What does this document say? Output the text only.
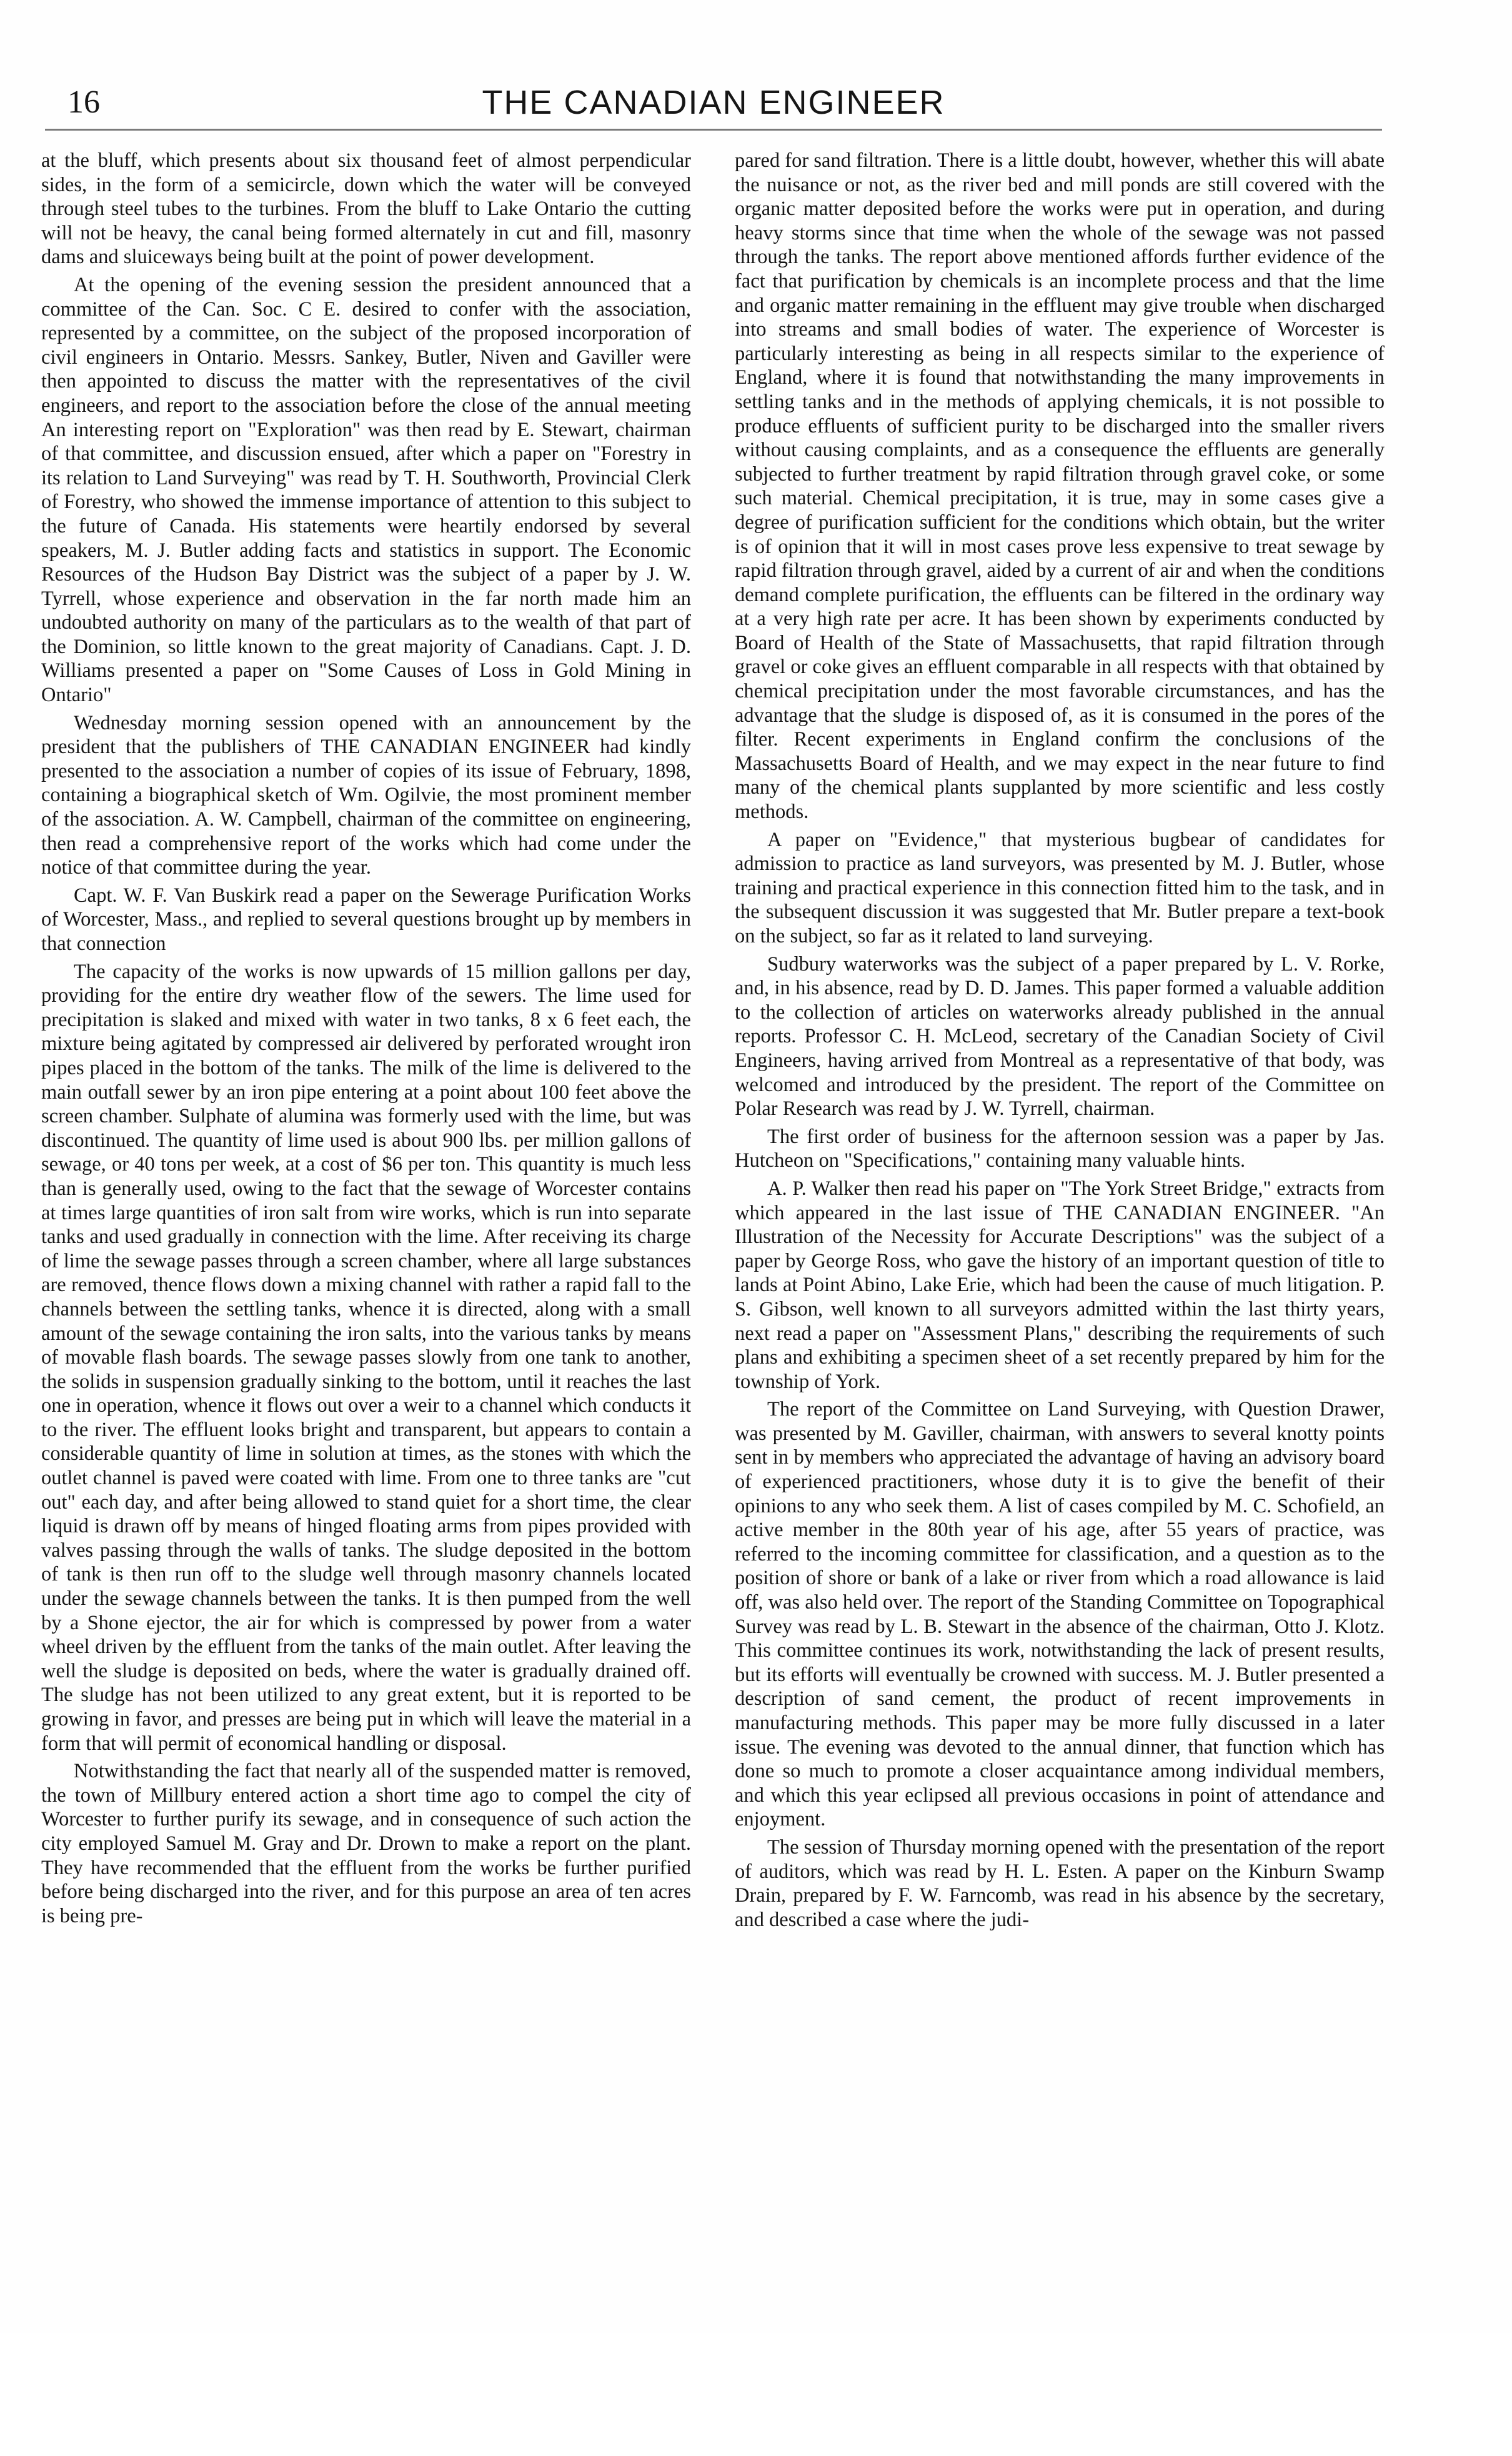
16	THE CANADIAN ENGINEER

at the bluff, which presents about six thousand feet of almost perpendicular sides, in the form of a semicircle, down which the water will be conveyed through steel tubes to the turbines. From the bluff to Lake Ontario the cutting will not be heavy, the canal being formed alternately in cut and fill, masonry dams and sluiceways being built at the point of power development.

At the opening of the evening session the president announced that a committee of the Can. Soc. C E. desired to confer with the association, represented by a committee, on the subject of the proposed incorporation of civil engineers in Ontario. Messrs. Sankey, Butler, Niven and Gaviller were then appointed to discuss the matter with the representatives of the civil engineers, and report to the association before the close of the annual meeting An interesting report on "Exploration" was then read by E. Stewart, chairman of that committee, and discussion ensued, after which a paper on "Forestry in its relation to Land Surveying" was read by T. H. Southworth, Provincial Clerk of Forestry, who showed the immense importance of attention to this subject to the future of Canada. His statements were heartily endorsed by several speakers, M. J. Butler adding facts and statistics in support. The Economic Resources of the Hudson Bay District was the subject of a paper by J. W. Tyrrell, whose experience and observation in the far north made him an undoubted authority on many of the particulars as to the wealth of that part of the Dominion, so little known to the great majority of Canadians. Capt. J. D. Williams presented a paper on "Some Causes of Loss in Gold Mining in Ontario"

Wednesday morning session opened with an announcement by the president that the publishers of THE CANADIAN ENGINEER had kindly presented to the association a number of copies of its issue of February, 1898, containing a biographical sketch of Wm. Ogilvie, the most prominent member of the association. A. W. Campbell, chairman of the committee on engineering, then read a comprehensive report of the works which had come under the notice of that committee during the year.

Capt. W. F. Van Buskirk read a paper on the Sewerage Purification Works of Worcester, Mass., and replied to several questions brought up by members in that connection

The capacity of the works is now upwards of 15 million gallons per day, providing for the entire dry weather flow of the sewers. The lime used for precipitation is slaked and mixed with water in two tanks, 8 x 6 feet each, the mixture being agitated by compressed air delivered by perforated wrought iron pipes placed in the bottom of the tanks. The milk of the lime is delivered to the main outfall sewer by an iron pipe entering at a point about 100 feet above the screen chamber. Sulphate of alumina was formerly used with the lime, but was discontinued. The quantity of lime used is about 900 lbs. per million gallons of sewage, or 40 tons per week, at a cost of $6 per ton. This quantity is much less than is generally used, owing to the fact that the sewage of Worcester contains at times large quantities of iron salt from wire works, which is run into separate tanks and used gradually in connection with the lime. After receiving its charge of lime the sewage passes through a screen chamber, where all large substances are removed, thence flows down a mixing channel with rather a rapid fall to the channels between the settling tanks, whence it is directed, along with a small amount of the sewage containing the iron salts, into the various tanks by means of movable flash boards. The sewage passes slowly from one tank to another, the solids in suspension gradually sinking to the bottom, until it reaches the last one in operation, whence it flows out over a weir to a channel which conducts it to the river. The effluent looks bright and transparent, but appears to contain a considerable quantity of lime in solution at times, as the stones with which the outlet channel is paved were coated with lime. From one to three tanks are "cut out" each day, and after being allowed to stand quiet for a short time, the clear liquid is drawn off by means of hinged floating arms from pipes provided with valves passing through the walls of tanks. The sludge deposited in the bottom of tank is then run off to the sludge well through masonry channels located under the sewage channels between the tanks. It is then pumped from the well by a Shone ejector, the air for which is compressed by power from a water wheel driven by the effluent from the tanks of the main outlet. After leaving the well the sludge is deposited on beds, where the water is gradually drained off. The sludge has not been utilized to any great extent, but it is reported to be growing in favor, and presses are being put in which will leave the material in a form that will permit of economical handling or disposal.

Notwithstanding the fact that nearly all of the suspended matter is removed, the town of Millbury entered action a short time ago to compel the city of Worcester to further purify its sewage, and in consequence of such action the city employed Samuel M. Gray and Dr. Drown to make a report on the plant. They have recommended that the effluent from the works be further purified before being discharged into the river, and for this purpose an area of ten acres is being pre-

pared for sand filtration. There is a little doubt, however, whether this will abate the nuisance or not, as the river bed and mill ponds are still covered with the organic matter deposited before the works were put in operation, and during heavy storms since that time when the whole of the sewage was not passed through the tanks. The report above mentioned affords further evidence of the fact that purification by chemicals is an incomplete process and that the lime and organic matter remaining in the effluent may give trouble when discharged into streams and small bodies of water. The experience of Worcester is particularly interesting as being in all respects similar to the experience of England, where it is found that notwithstanding the many improvements in settling tanks and in the methods of applying chemicals, it is not possible to produce effluents of sufficient purity to be discharged into the smaller rivers without causing complaints, and as a consequence the effluents are generally subjected to further treatment by rapid filtration through gravel coke, or some such material. Chemical precipitation, it is true, may in some cases give a degree of purification sufficient for the conditions which obtain, but the writer is of opinion that it will in most cases prove less expensive to treat sewage by rapid filtration through gravel, aided by a current of air and when the conditions demand complete purification, the effluents can be filtered in the ordinary way at a very high rate per acre. It has been shown by experiments conducted by Board of Health of the State of Massachusetts, that rapid filtration through gravel or coke gives an effluent comparable in all respects with that obtained by chemical precipitation under the most favorable circumstances, and has the advantage that the sludge is disposed of, as it is consumed in the pores of the filter. Recent experiments in England confirm the conclusions of the Massachusetts Board of Health, and we may expect in the near future to find many of the chemical plants supplanted by more scientific and less costly methods.

A paper on "Evidence," that mysterious bugbear of candidates for admission to practice as land surveyors, was presented by M. J. Butler, whose training and practical experience in this connection fitted him to the task, and in the subsequent discussion it was suggested that Mr. Butler prepare a text-book on the subject, so far as it related to land surveying.

Sudbury waterworks was the subject of a paper prepared by L. V. Rorke, and, in his absence, read by D. D. James. This paper formed a valuable addition to the collection of articles on waterworks already published in the annual reports. Professor C. H. McLeod, secretary of the Canadian Society of Civil Engineers, having arrived from Montreal as a representative of that body, was welcomed and introduced by the president. The report of the Committee on Polar Research was read by J. W. Tyrrell, chairman.

The first order of business for the afternoon session was a paper by Jas. Hutcheon on "Specifications," containing many valuable hints.

A. P. Walker then read his paper on "The York Street Bridge," extracts from which appeared in the last issue of THE CANADIAN ENGINEER. "An Illustration of the Necessity for Accurate Descriptions" was the subject of a paper by George Ross, who gave the history of an important question of title to lands at Point Abino, Lake Erie, which had been the cause of much litigation. P. S. Gibson, well known to all surveyors admitted within the last thirty years, next read a paper on "Assessment Plans," describing the requirements of such plans and exhibiting a specimen sheet of a set recently prepared by him for the township of York.

The report of the Committee on Land Surveying, with Question Drawer, was presented by M. Gaviller, chairman, with answers to several knotty points sent in by members who appreciated the advantage of having an advisory board of experienced practitioners, whose duty it is to give the benefit of their opinions to any who seek them. A list of cases compiled by M. C. Schofield, an active member in the 80th year of his age, after 55 years of practice, was referred to the incoming committee for classification, and a question as to the position of shore or bank of a lake or river from which a road allowance is laid off, was also held over. The report of the Standing Committee on Topographical Survey was read by L. B. Stewart in the absence of the chairman, Otto J. Klotz. This committee continues its work, notwithstanding the lack of present results, but its efforts will eventually be crowned with success. M. J. Butler presented a description of sand cement, the product of recent improvements in manufacturing methods. This paper may be more fully discussed in a later issue. The evening was devoted to the annual dinner, that function which has done so much to promote a closer acquaintance among individual members, and which this year eclipsed all previous occasions in point of attendance and enjoyment.

The session of Thursday morning opened with the presentation of the report of auditors, which was read by H. L. Esten. A paper on the Kinburn Swamp Drain, prepared by F. W. Farncomb, was read in his absence by the secretary, and described a case where the judi-
